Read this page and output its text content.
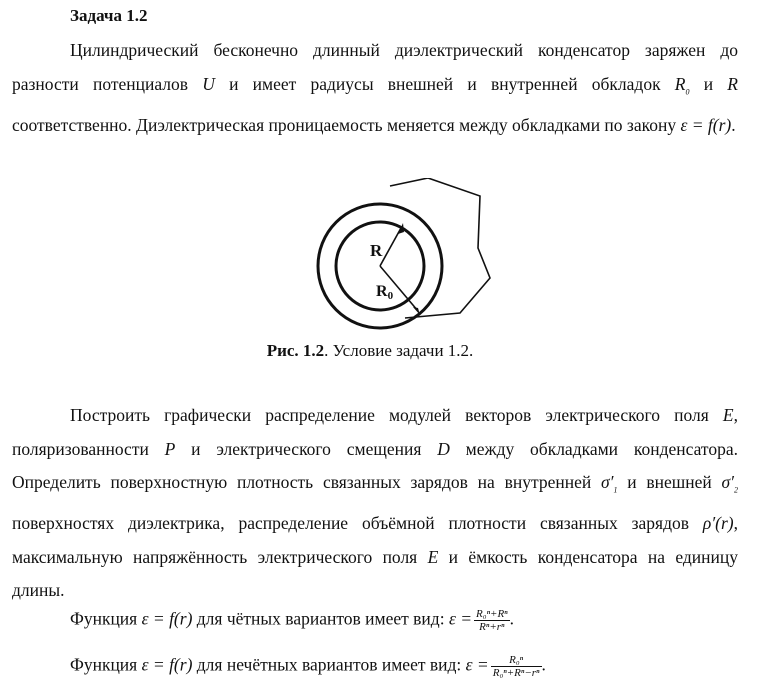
Задача 1.2

Цилиндрический бесконечно длинный диэлектрический конденсатор заряжен до разности потенциалов U и имеет радиусы внешней и внутренней обкладок $R_0$ и R соответственно. Диэлектрическая проницаемость меняется между обкладками по закону ε = f(r).

R
R0
Рис. 1.2. Условие задачи 1.2.

Построить графически распределение модулей векторов электрического поля E, поляризованности P и электрического смещения D между обкладками конденсатора. Определить поверхностную плотность связанных зарядов на внутренней $\sigma'_1$ и внешней $\sigma'_2$ поверхностях диэлектрика, распределение объёмной плотности связанных зарядов ρ′(r), максимальную напряжённость электрического поля E и ёмкость конденсатора на единицу длины.

Функция ε = f(r) для чётных вариантов имеет вид: $\varepsilon = \frac{\text{R₀ⁿ+Rⁿ}}{\text{Rⁿ+rⁿ}}$ .
Функция ε = f(r) для нечётных вариантов имеет вид: $\varepsilon = \frac{\text{R₀ⁿ}}{\text{R₀ⁿ+Rⁿ−rⁿ}}$ .
